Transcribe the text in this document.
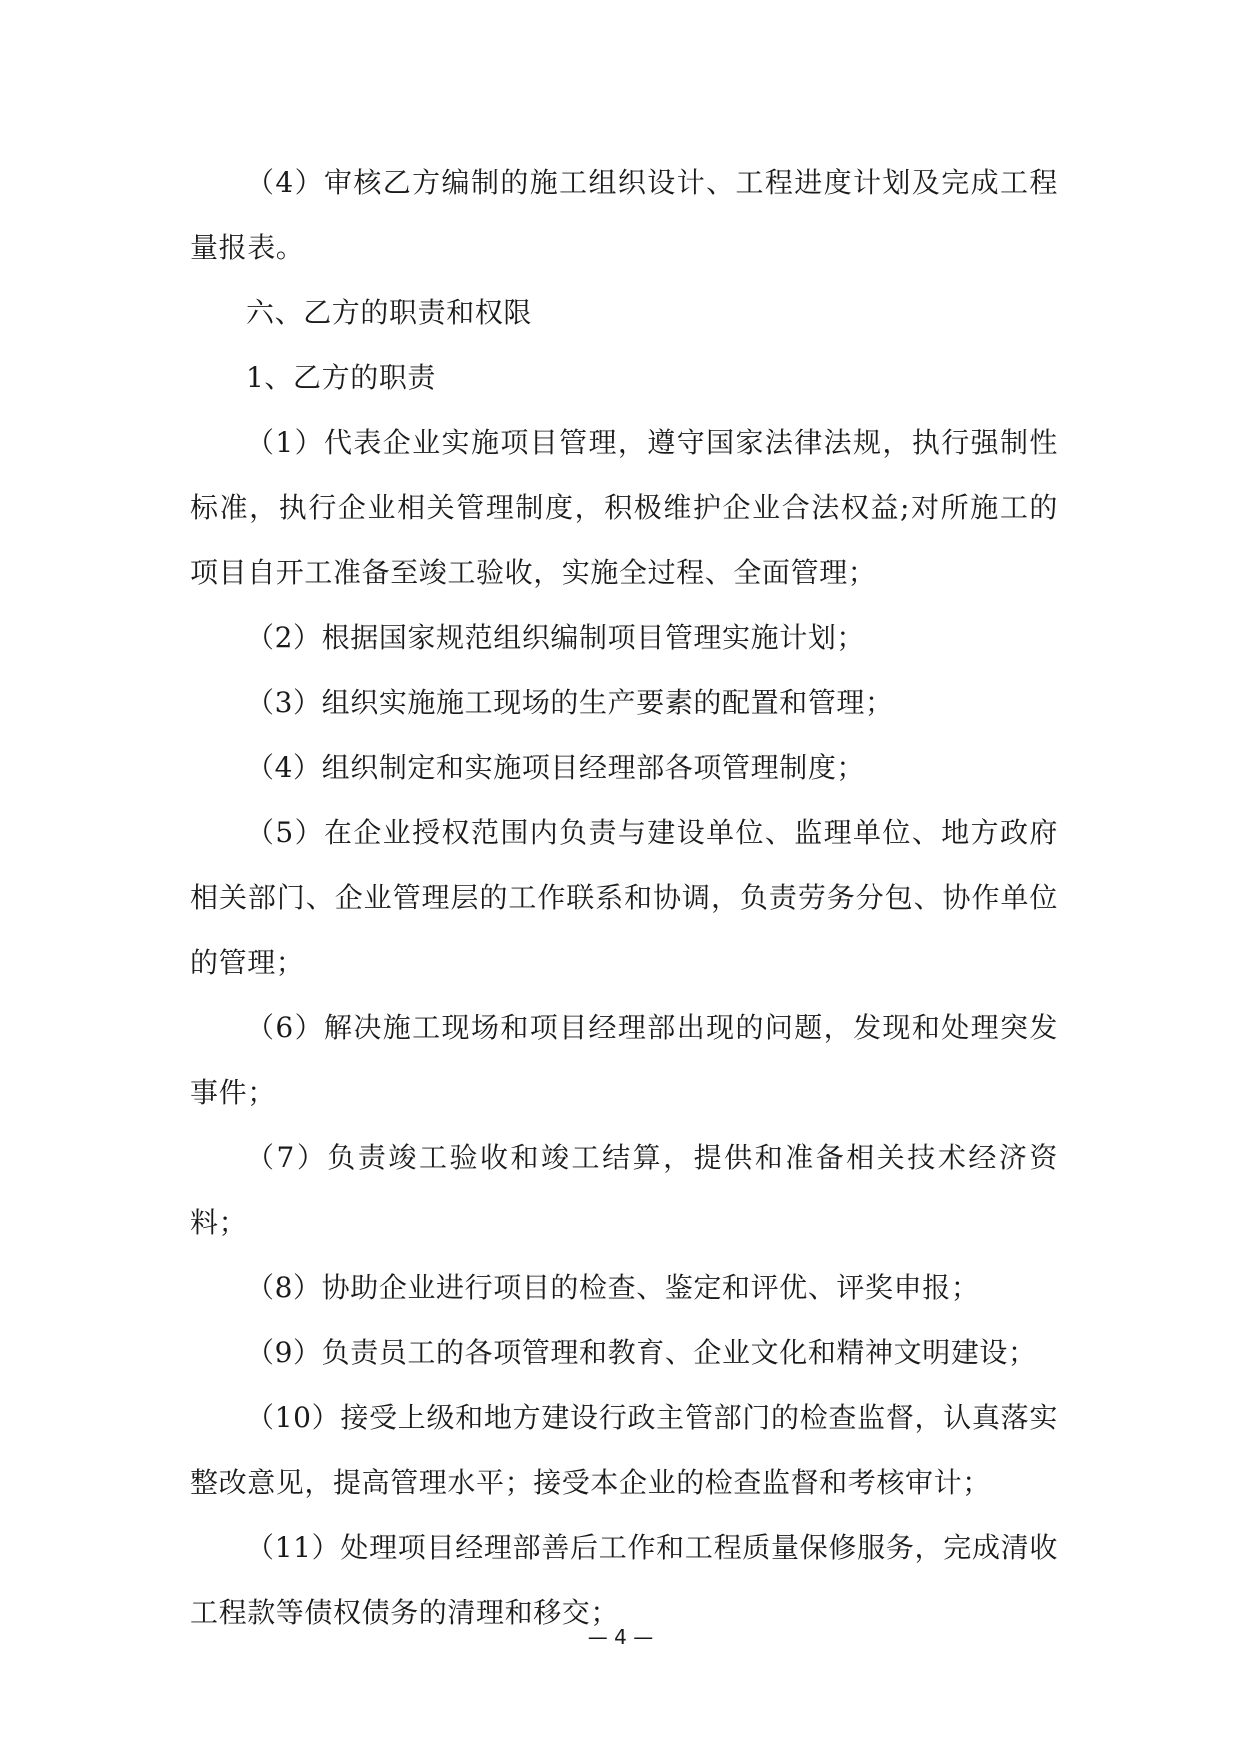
（4）审核乙方编制的施工组织设计、工程进度计划及完成工程量报表。

六、乙方的职责和权限

1、乙方的职责

（1）代表企业实施项目管理，遵守国家法律法规，执行强制性标准，执行企业相关管理制度，积极维护企业合法权益;对所施工的项目自开工准备至竣工验收，实施全过程、全面管理；

（2）根据国家规范组织编制项目管理实施计划；

（3）组织实施施工现场的生产要素的配置和管理；

（4）组织制定和实施项目经理部各项管理制度；

（5）在企业授权范围内负责与建设单位、监理单位、地方政府相关部门、企业管理层的工作联系和协调，负责劳务分包、协作单位的管理；

（6）解决施工现场和项目经理部出现的问题，发现和处理突发事件；

（7）负责竣工验收和竣工结算，提供和准备相关技术经济资料；

（8）协助企业进行项目的检查、鉴定和评优、评奖申报；

（9）负责员工的各项管理和教育、企业文化和精神文明建设；

（10）接受上级和地方建设行政主管部门的检查监督，认真落实整改意见，提高管理水平；接受本企业的检查监督和考核审计；

（11）处理项目经理部善后工作和工程质量保修服务，完成清收工程款等债权债务的清理和移交；

— 4 —
